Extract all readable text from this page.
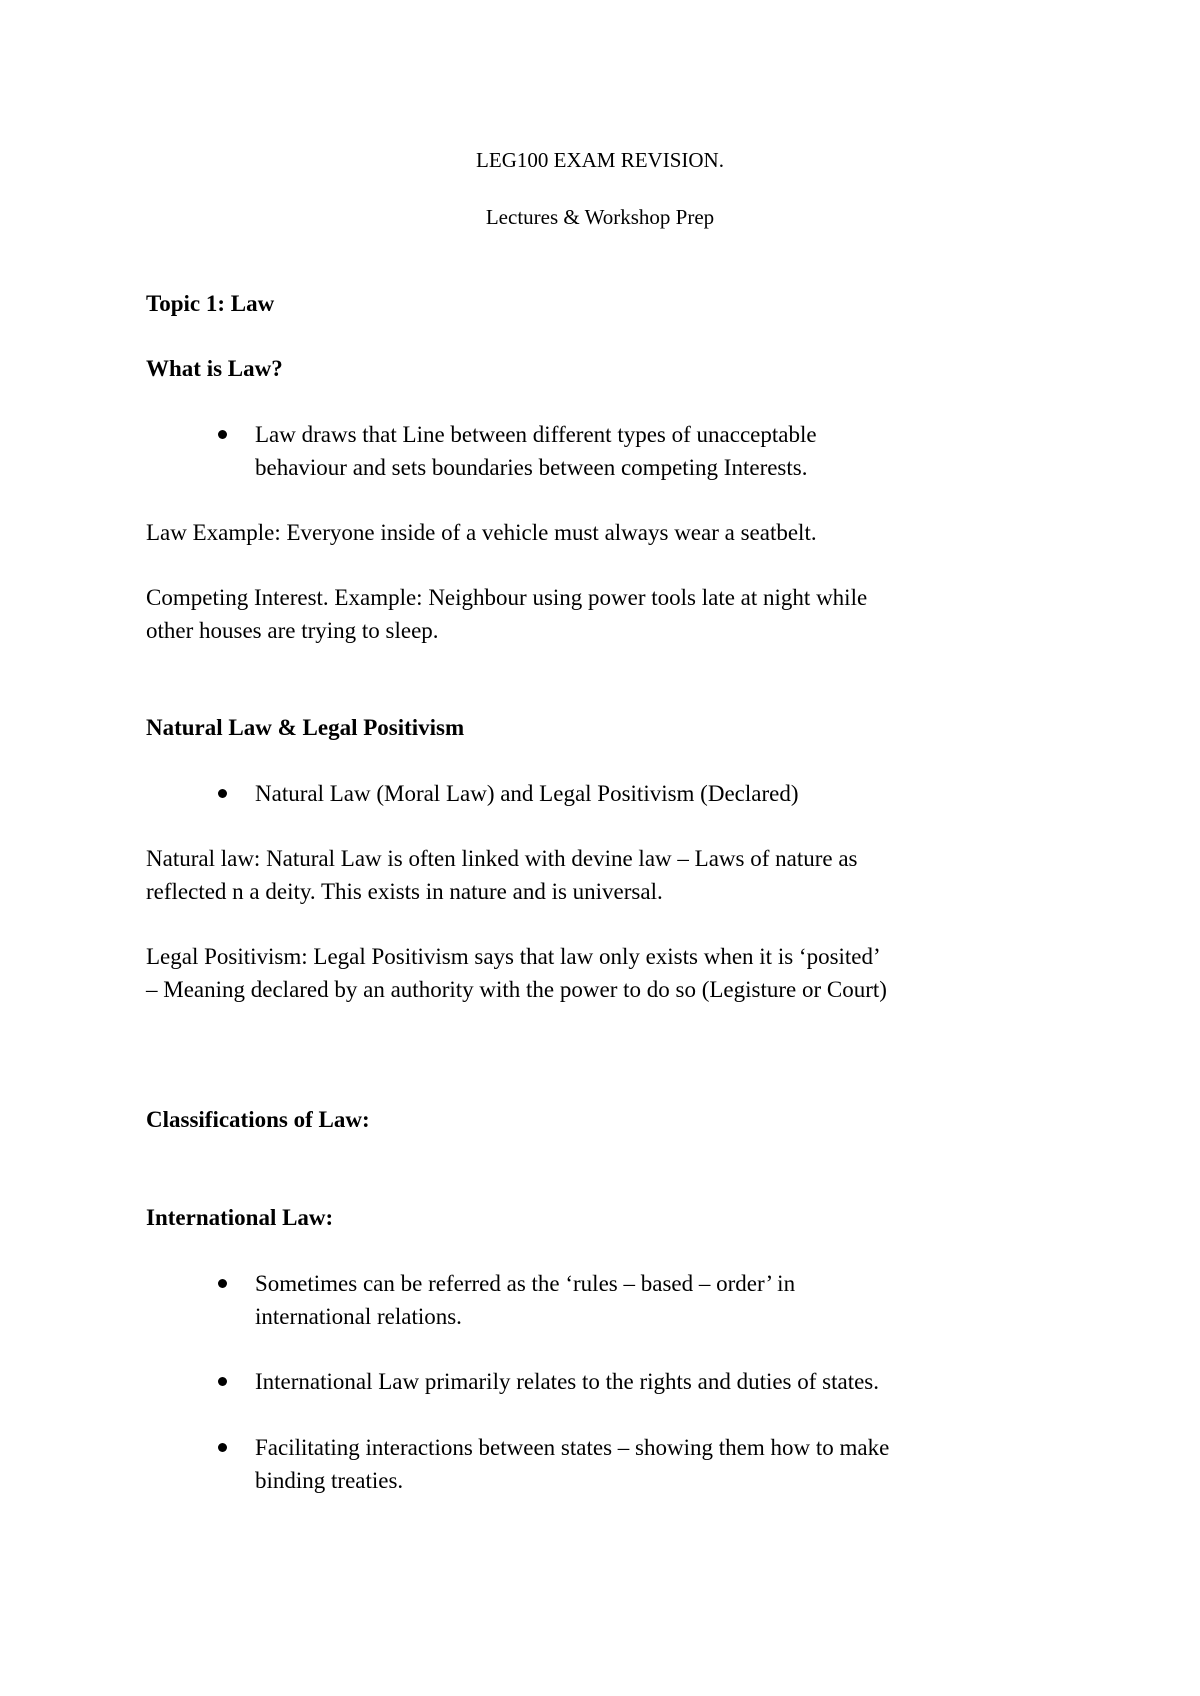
LEG100 EXAM REVISION.

Lectures & Workshop Prep

Topic 1: Law

What is Law?

Law draws that Line between different types of unacceptable

behaviour and sets boundaries between competing Interests.

Law Example: Everyone inside of a vehicle must always wear a seatbelt.

Competing Interest. Example: Neighbour using power tools late at night while

other houses are trying to sleep.

Natural Law & Legal Positivism

Natural Law (Moral Law) and Legal Positivism (Declared)

Natural law: Natural Law is often linked with devine law – Laws of nature as

reflected n a deity. This exists in nature and is universal.

Legal Positivism: Legal Positivism says that law only exists when it is ‘posited’

– Meaning declared by an authority with the power to do so (Legisture or Court)

Classifications of Law:

International Law:

Sometimes can be referred as the ‘rules – based – order’ in

international relations.

International Law primarily relates to the rights and duties of states.

Facilitating interactions between states – showing them how to make

binding treaties.
